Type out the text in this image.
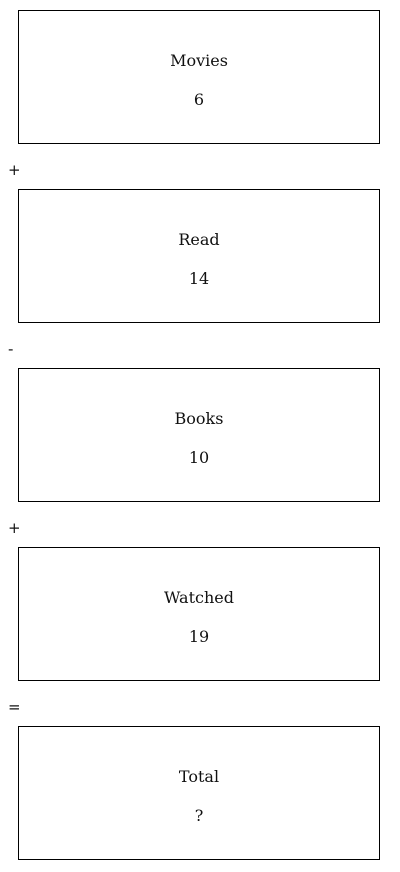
Movies
6
+
Read
14
-
Books
10
+
Watched
19
=
Total
?
